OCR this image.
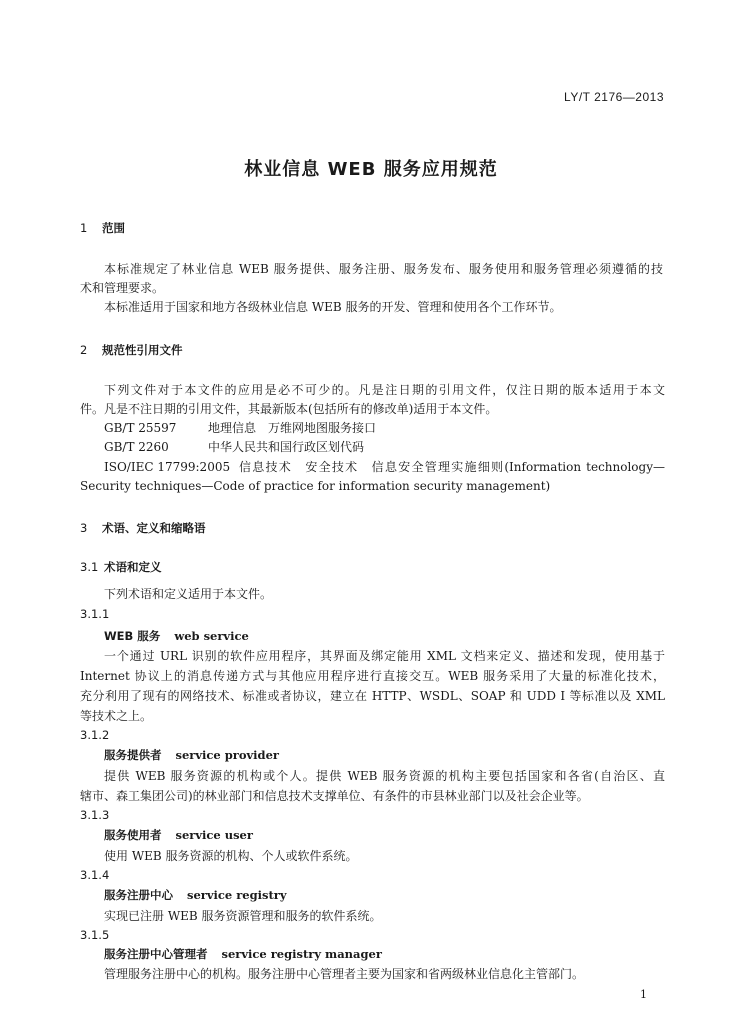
LY/T 2176—2013
林业信息 WEB 服务应用规范
1 范围
本标准规定了林业信息 WEB 服务提供、服务注册、服务发布、服务使用和服务管理必须遵循的技
术和管理要求。
本标准适用于国家和地方各级林业信息 WEB 服务的开发、管理和使用各个工作环节。
2 规范性引用文件
下列文件对于本文件的应用是必不可少的。凡是注日期的引用文件，仅注日期的版本适用于本文
件。凡是不注日期的引用文件，其最新版本(包括所有的修改单)适用于本文件。
GB/T 25597	地理信息　万维网地图服务接口
GB/T 2260	中华人民共和国行政区划代码
ISO/IEC 17799:2005 信息技术　安全技术　信息安全管理实施细则(Information technology—
Security techniques—Code of practice for information security management)
3 术语、定义和缩略语
3.1 术语和定义
下列术语和定义适用于本文件。
3.1.1
WEB 服务 web service
一个通过 URL 识别的软件应用程序，其界面及绑定能用 XML 文档来定义、描述和发现，使用基于
Internet 协议上的消息传递方式与其他应用程序进行直接交互。WEB 服务采用了大量的标准化技术，
充分利用了现有的网络技术、标准或者协议，建立在 HTTP、WSDL、SOAP 和 UDD I 等标准以及 XML
等技术之上。
3.1.2
服务提供者 service provider
提供 WEB 服务资源的机构或个人。提供 WEB 服务资源的机构主要包括国家和各省(自治区、直
辖市、森工集团公司)的林业部门和信息技术支撑单位、有条件的市县林业部门以及社会企业等。
3.1.3
服务使用者 service user
使用 WEB 服务资源的机构、个人或软件系统。
3.1.4
服务注册中心 service registry
实现已注册 WEB 服务资源管理和服务的软件系统。
3.1.5
服务注册中心管理者 service registry manager
管理服务注册中心的机构。服务注册中心管理者主要为国家和省两级林业信息化主管部门。
1
